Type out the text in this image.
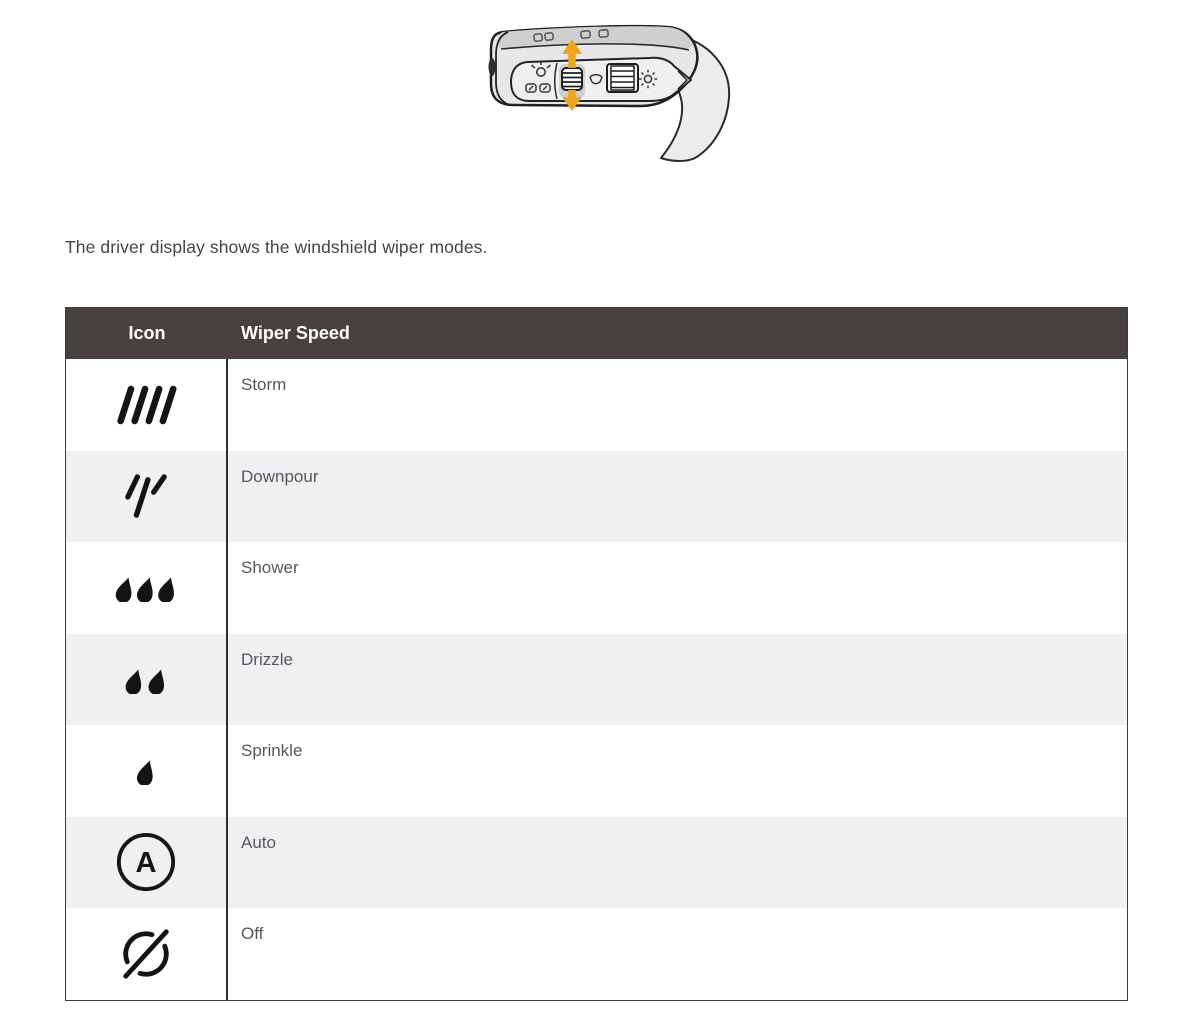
The driver display shows the windshield wiper modes.
Icon	Wiper Speed
Storm
Downpour
Shower
Drizzle
Sprinkle
A
Auto
Off
